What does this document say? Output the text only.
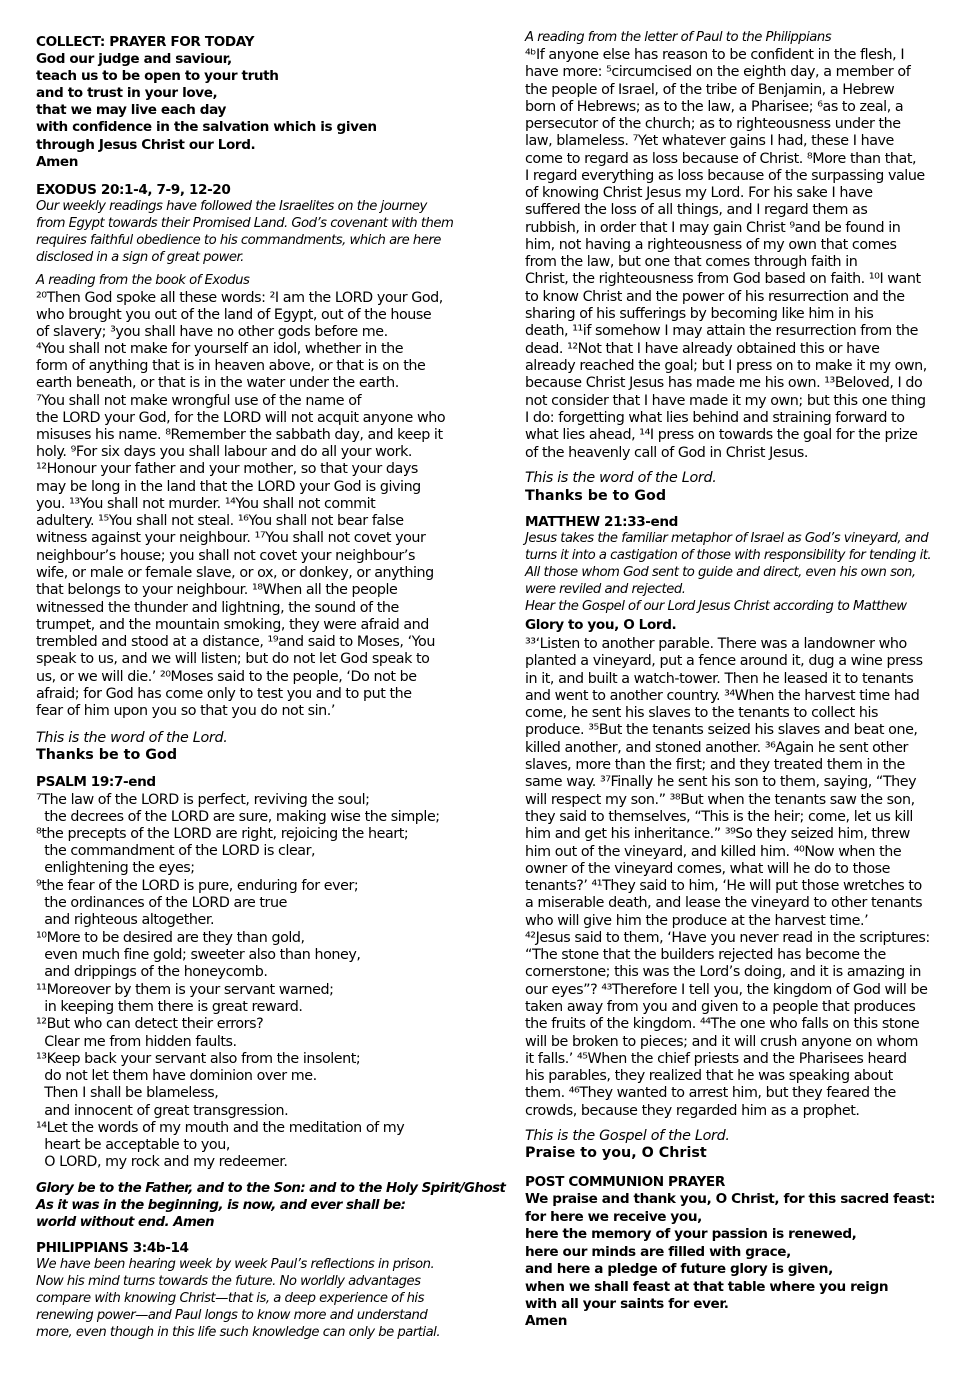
COLLECT: PRAYER FOR TODAY
God our judge and saviour,
teach us to be open to your truth
and to trust in your love,
that we may live each day
with confidence in the salvation which is given
through Jesus Christ our Lord.
Amen
EXODUS 20:1-4, 7-9, 12-20
Our weekly readings have followed the Israelites on the journey
from Egypt towards their Promised Land. God’s covenant with them
requires faithful obedience to his commandments, which are here
disclosed in a sign of great power.
A reading from the book of Exodus
²⁰Then God spoke all these words: ²I am the LORD your God,
who brought you out of the land of Egypt, out of the house
of slavery; ³you shall have no other gods before me.
⁴You shall not make for yourself an idol, whether in the
form of anything that is in heaven above, or that is on the
earth beneath, or that is in the water under the earth.
⁷You shall not make wrongful use of the name of
the LORD your God, for the LORD will not acquit anyone who
misuses his name. ⁸Remember the sabbath day, and keep it
holy. ⁹For six days you shall labour and do all your work.
¹²Honour your father and your mother, so that your days
may be long in the land that the LORD your God is giving
you. ¹³You shall not murder. ¹⁴You shall not commit
adultery. ¹⁵You shall not steal. ¹⁶You shall not bear false
witness against your neighbour. ¹⁷You shall not covet your
neighbour’s house; you shall not covet your neighbour’s
wife, or male or female slave, or ox, or donkey, or anything
that belongs to your neighbour. ¹⁸When all the people
witnessed the thunder and lightning, the sound of the
trumpet, and the mountain smoking, they were afraid and
trembled and stood at a distance, ¹⁹and said to Moses, ‘You
speak to us, and we will listen; but do not let God speak to
us, or we will die.’ ²⁰Moses said to the people, ‘Do not be
afraid; for God has come only to test you and to put the
fear of him upon you so that you do not sin.’
This is the word of the Lord.
Thanks be to God
PSALM 19:7-end
⁷The law of the LORD is perfect, reviving the soul;
the decrees of the LORD are sure, making wise the simple;
⁸the precepts of the LORD are right, rejoicing the heart;
the commandment of the LORD is clear,
enlightening the eyes;
⁹the fear of the LORD is pure, enduring for ever;
the ordinances of the LORD are true
and righteous altogether.
¹⁰More to be desired are they than gold,
even much fine gold; sweeter also than honey,
and drippings of the honeycomb.
¹¹Moreover by them is your servant warned;
in keeping them there is great reward.
¹²But who can detect their errors?
Clear me from hidden faults.
¹³Keep back your servant also from the insolent;
do not let them have dominion over me.
Then I shall be blameless,
and innocent of great transgression.
¹⁴Let the words of my mouth and the meditation of my
heart be acceptable to you,
O LORD, my rock and my redeemer.
Glory be to the Father, and to the Son: and to the Holy Spirit/Ghost
As it was in the beginning, is now, and ever shall be:
world without end. Amen
PHILIPPIANS 3:4b-14
We have been hearing week by week Paul’s reflections in prison.
Now his mind turns towards the future. No worldly advantages
compare with knowing Christ—that is, a deep experience of his
renewing power—and Paul longs to know more and understand
more, even though in this life such knowledge can only be partial.
A reading from the letter of Paul to the Philippians
⁴ᵇIf anyone else has reason to be confident in the flesh, I
have more: ⁵circumcised on the eighth day, a member of
the people of Israel, of the tribe of Benjamin, a Hebrew
born of Hebrews; as to the law, a Pharisee; ⁶as to zeal, a
persecutor of the church; as to righteousness under the
law, blameless. ⁷Yet whatever gains I had, these I have
come to regard as loss because of Christ. ⁸More than that,
I regard everything as loss because of the surpassing value
of knowing Christ Jesus my Lord. For his sake I have
suffered the loss of all things, and I regard them as
rubbish, in order that I may gain Christ ⁹and be found in
him, not having a righteousness of my own that comes
from the law, but one that comes through faith in
Christ, the righteousness from God based on faith. ¹⁰I want
to know Christ and the power of his resurrection and the
sharing of his sufferings by becoming like him in his
death, ¹¹if somehow I may attain the resurrection from the
dead. ¹²Not that I have already obtained this or have
already reached the goal; but I press on to make it my own,
because Christ Jesus has made me his own. ¹³Beloved, I do
not consider that I have made it my own; but this one thing
I do: forgetting what lies behind and straining forward to
what lies ahead, ¹⁴I press on towards the goal for the prize
of the heavenly call of God in Christ Jesus.
This is the word of the Lord.
Thanks be to God
MATTHEW 21:33-end
Jesus takes the familiar metaphor of Israel as God’s vineyard, and
turns it into a castigation of those with responsibility for tending it.
All those whom God sent to guide and direct, even his own son,
were reviled and rejected.
Hear the Gospel of our Lord Jesus Christ according to Matthew
Glory to you, O Lord.
³³‘Listen to another parable. There was a landowner who
planted a vineyard, put a fence around it, dug a wine press
in it, and built a watch-tower. Then he leased it to tenants
and went to another country. ³⁴When the harvest time had
come, he sent his slaves to the tenants to collect his
produce. ³⁵But the tenants seized his slaves and beat one,
killed another, and stoned another. ³⁶Again he sent other
slaves, more than the first; and they treated them in the
same way. ³⁷Finally he sent his son to them, saying, “They
will respect my son.” ³⁸But when the tenants saw the son,
they said to themselves, “This is the heir; come, let us kill
him and get his inheritance.” ³⁹So they seized him, threw
him out of the vineyard, and killed him. ⁴⁰Now when the
owner of the vineyard comes, what will he do to those
tenants?’ ⁴¹They said to him, ‘He will put those wretches to
a miserable death, and lease the vineyard to other tenants
who will give him the produce at the harvest time.’
⁴²Jesus said to them, ‘Have you never read in the scriptures:
“The stone that the builders rejected has become the
cornerstone; this was the Lord’s doing, and it is amazing in
our eyes”? ⁴³Therefore I tell you, the kingdom of God will be
taken away from you and given to a people that produces
the fruits of the kingdom. ⁴⁴The one who falls on this stone
will be broken to pieces; and it will crush anyone on whom
it falls.’ ⁴⁵When the chief priests and the Pharisees heard
his parables, they realized that he was speaking about
them. ⁴⁶They wanted to arrest him, but they feared the
crowds, because they regarded him as a prophet.
This is the Gospel of the Lord.
Praise to you, O Christ
POST COMMUNION PRAYER
We praise and thank you, O Christ, for this sacred feast:
for here we receive you,
here the memory of your passion is renewed,
here our minds are filled with grace,
and here a pledge of future glory is given,
when we shall feast at that table where you reign
with all your saints for ever.
Amen
